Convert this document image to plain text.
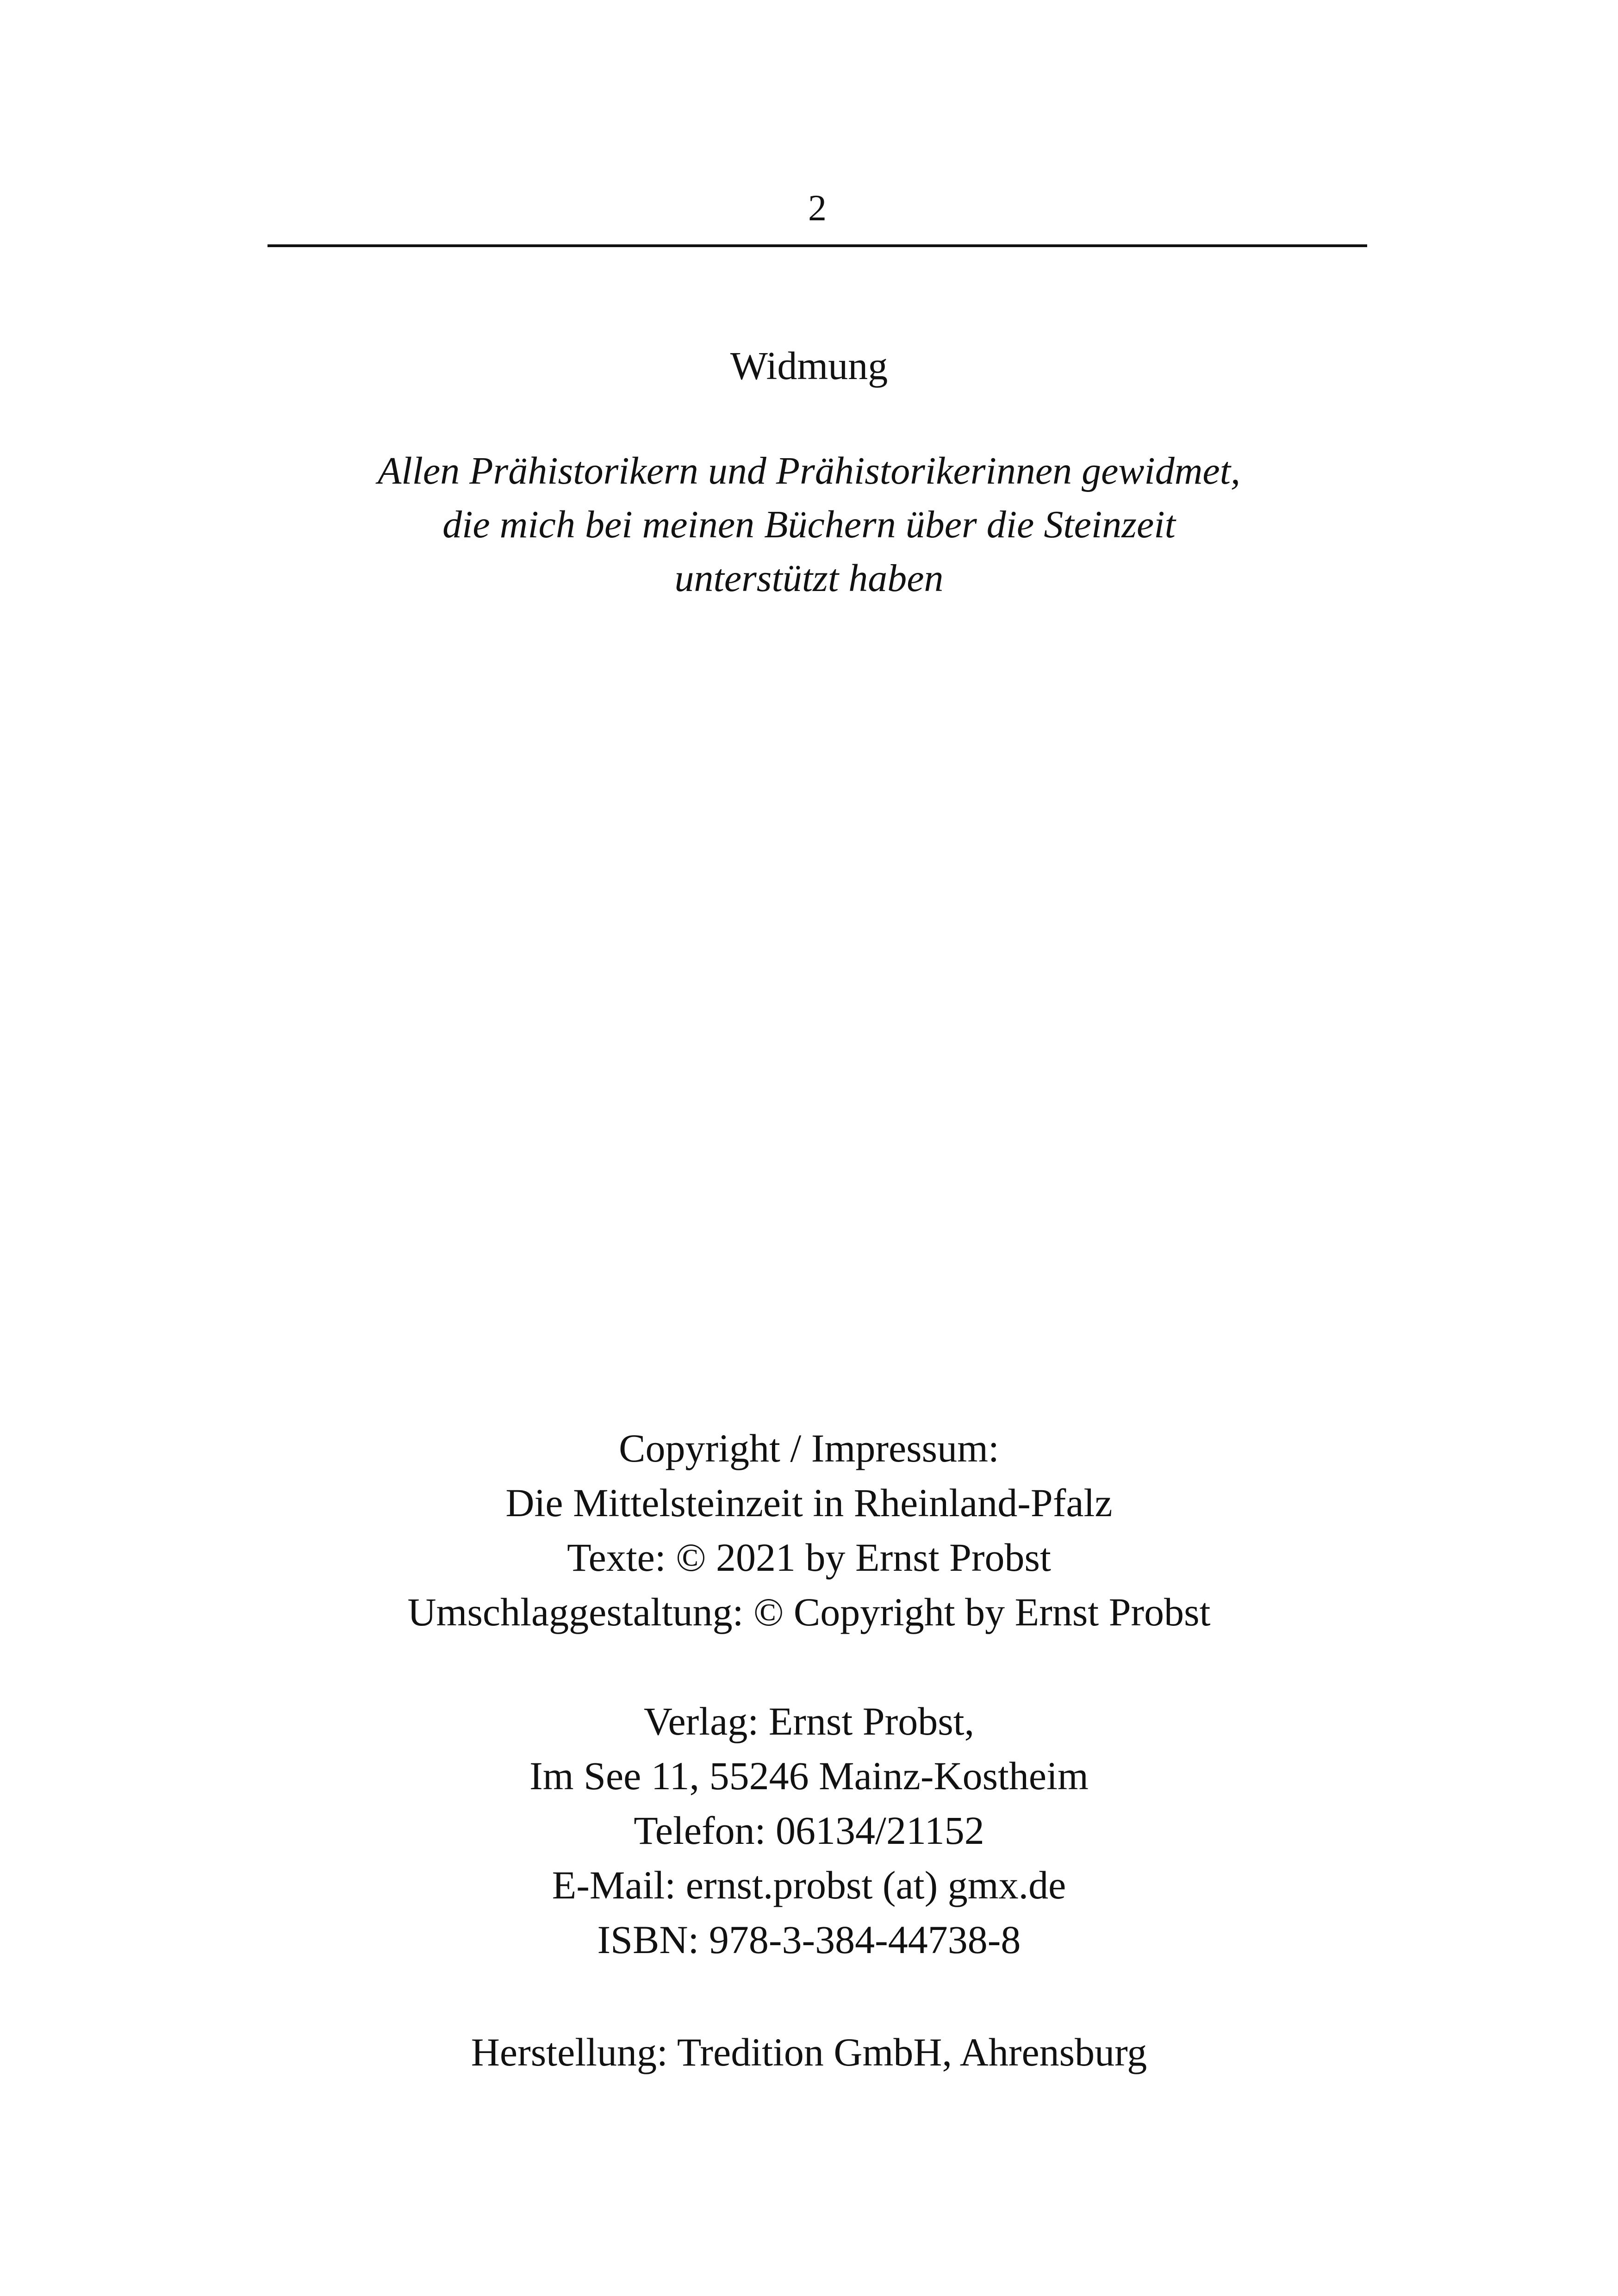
2
Widmung
Allen Prähistorikern und Prähistorikerinnen gewidmet,
die mich bei meinen Büchern über die Steinzeit
unterstützt haben
Copyright / Impressum:
Die Mittelsteinzeit in Rheinland-Pfalz
Texte: © 2021 by Ernst Probst
Umschlaggestaltung: © Copyright by Ernst Probst
Verlag: Ernst Probst,
Im See 11, 55246 Mainz-Kostheim
Telefon: 06134/21152
E-Mail: ernst.probst (at) gmx.de
ISBN: 978-3-384-44738-8
Herstellung: Tredition GmbH, Ahrensburg
